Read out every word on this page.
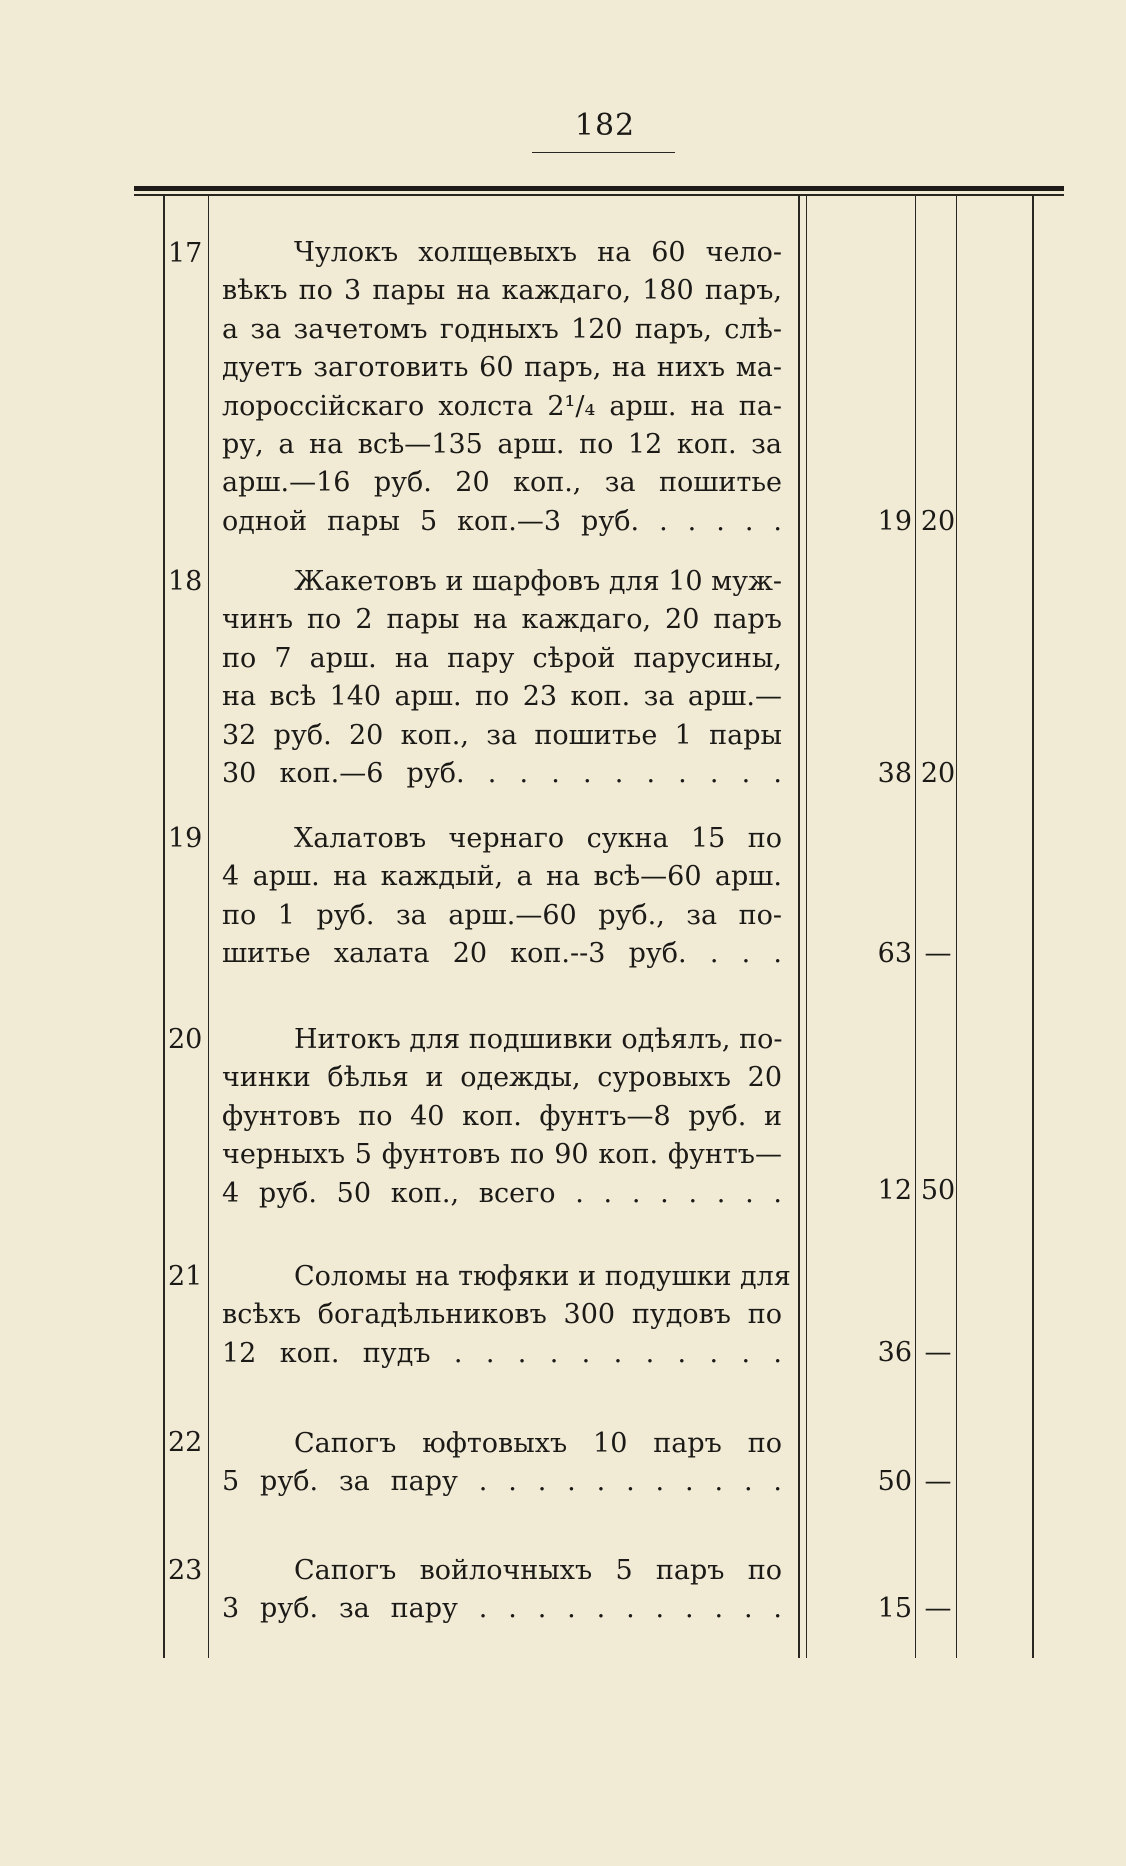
182
17	Чулокъ холщевыхъ на 60 чело-
вѣкъ по 3 пары на каждаго, 180 паръ,
а за зачетомъ годныхъ 120 паръ, слѣ-
дуетъ заготовить 60 паръ, на нихъ ма-
лороссійскаго холста 2¹/₄ арш. на па-
ру, а на всѣ—135 арш. по 12 коп. за
арш.—16 руб. 20 коп., за пошитье
одной пары 5 коп.—3 руб. . . . . .	19 20
18	Жакетовъ и шарфовъ для 10 муж-
чинъ по 2 пары на каждаго, 20 паръ
по 7 арш. на пару сѣрой парусины,
на всѣ 140 арш. по 23 коп. за арш.—
32 руб. 20 коп., за пошитье 1 пары
30 коп.—6 руб. . . . . . . . . . .	38 20
19	Халатовъ чернаго сукна 15 по
4 арш. на каждый, а на всѣ—60 арш.
по 1 руб. за арш.—60 руб., за по-
шитье халата 20 коп.--3 руб. . . .	63 —
20	Нитокъ для подшивки одѣялъ, по-
чинки бѣлья и одежды, суровыхъ 20
фунтовъ по 40 коп. фунтъ—8 руб. и
черныхъ 5 фунтовъ по 90 коп. фунтъ—
4 руб. 50 коп., всего . . . . . . . .	12 50
21	Соломы на тюфяки и подушки для
всѣхъ богадѣльниковъ 300 пудовъ по
12 коп. пудъ . . . . . . . . . . .	36 —
22	Сапогъ юфтовыхъ 10 паръ по
5 руб. за пару . . . . . . . . . . .	50 —
23	Сапогъ войлочныхъ 5 паръ по
3 руб. за пару . . . . . . . . . . .	15 —
